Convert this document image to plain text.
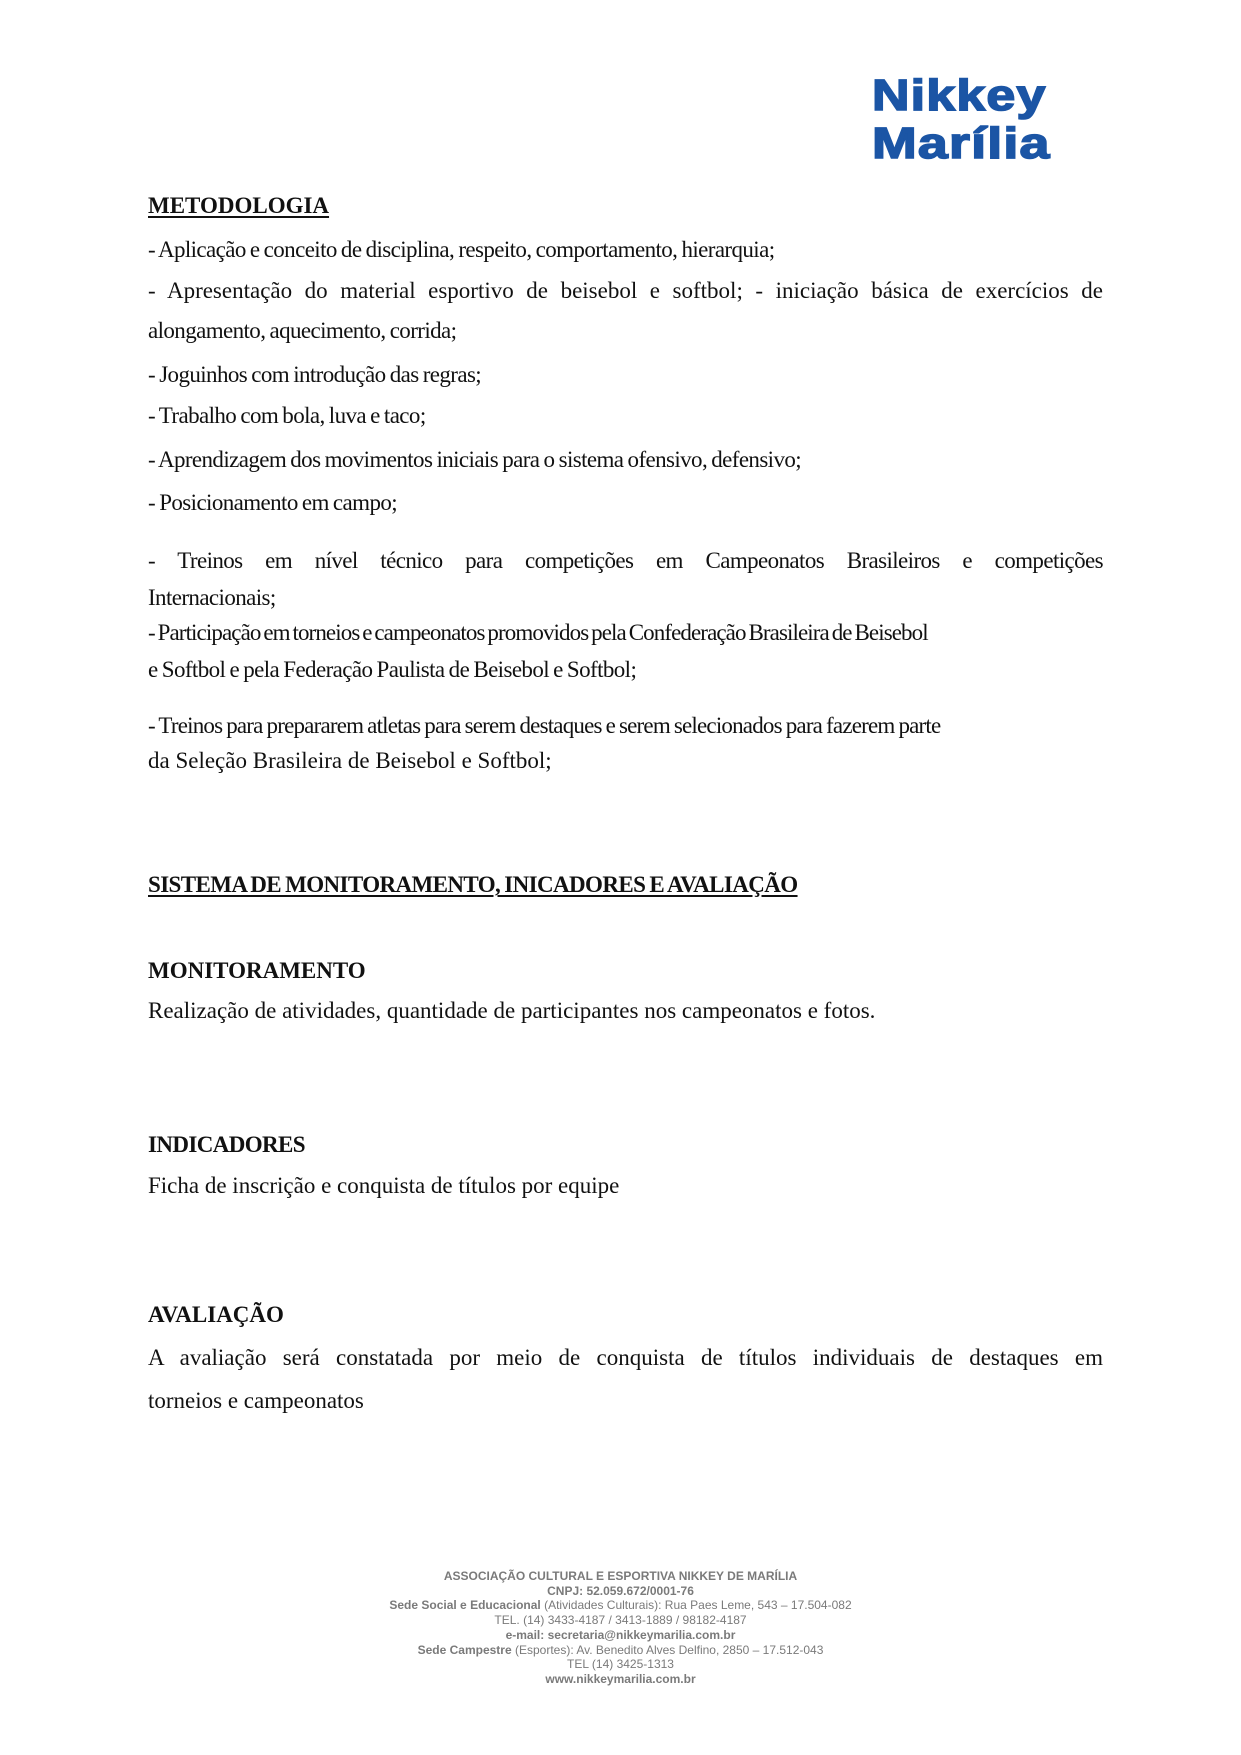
Nikkey
Marília
METODOLOGIA
- Aplicação e conceito de disciplina, respeito, comportamento, hierarquia;
- Apresentação do material esportivo de beisebol e softbol; - iniciação básica de exercícios de
alongamento, aquecimento, corrida;
- Joguinhos com introdução das regras;
- Trabalho com bola, luva e taco;
- Aprendizagem dos movimentos iniciais para o sistema ofensivo, defensivo;
- Posicionamento em campo;
- Treinos em nível técnico para competições em Campeonatos Brasileiros e competições
Internacionais;
- Participação em torneios e campeonatos promovidos pela Confederação Brasileira de Beisebol
e Softbol e pela Federação Paulista de Beisebol e Softbol;
- Treinos para prepararem atletas para serem destaques e serem selecionados para fazerem parte
da Seleção Brasileira de Beisebol e Softbol;
SISTEMA DE MONITORAMENTO, INICADORES E AVALIAÇÃO
MONITORAMENTO
Realização de atividades, quantidade de participantes nos campeonatos e fotos.
INDICADORES
Ficha de inscrição e conquista de títulos por equipe
AVALIAÇÃO
A avaliação será constatada por meio de conquista de títulos individuais de destaques em
torneios e campeonatos
ASSOCIAÇÃO CULTURAL E ESPORTIVA NIKKEY DE MARÍLIA
CNPJ: 52.059.672/0001-76
Sede Social e Educacional (Atividades Culturais): Rua Paes Leme, 543 – 17.504-082
TEL. (14) 3433-4187 / 3413-1889 / 98182-4187
e-mail: secretaria@nikkeymarilia.com.br
Sede Campestre (Esportes): Av. Benedito Alves Delfino, 2850 – 17.512-043
TEL (14) 3425-1313
www.nikkeymarilia.com.br
